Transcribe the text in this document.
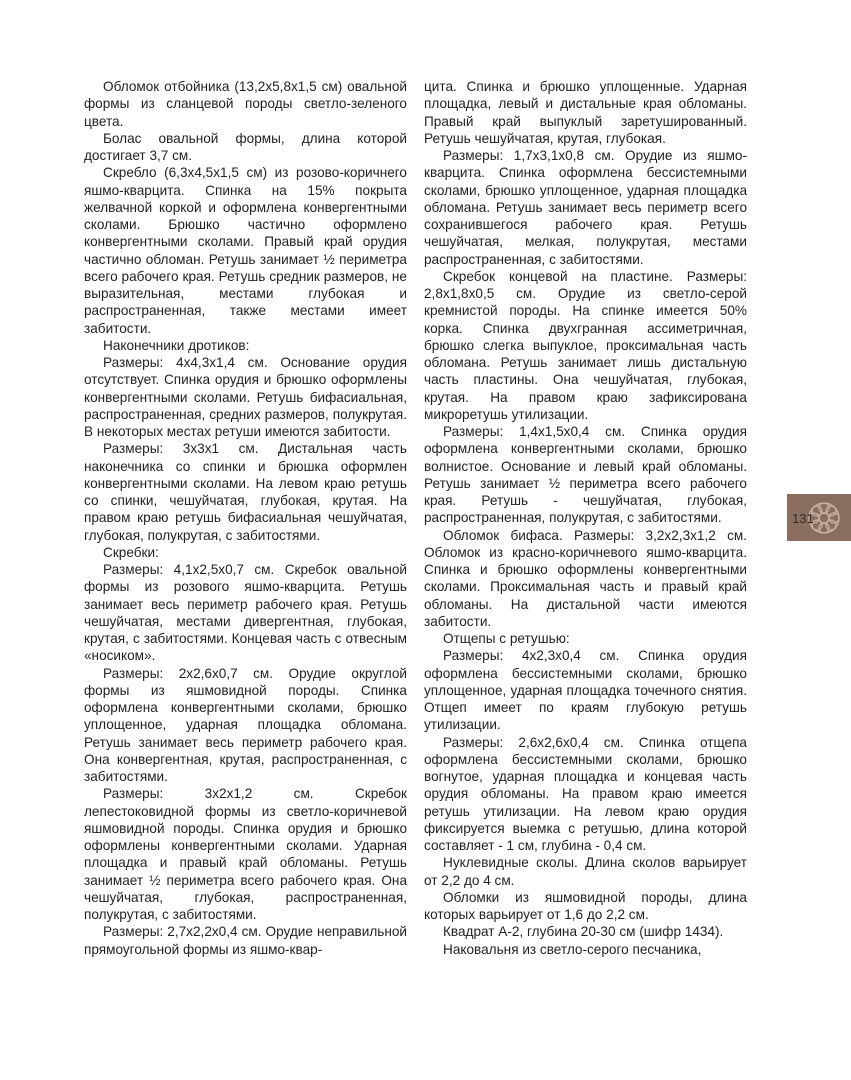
Обломок отбойника (13,2х5,8х1,5 см) овальной формы из сланцевой породы светло-зеленого цвета.

Болас овальной формы, длина которой достигает 3,7 см.

Скребло (6,3х4,5х1,5 см) из розово-коричнего яшмо-кварцита. Спинка на 15% покрыта желвачной коркой и оформлена конвергентными сколами. Брюшко частично оформлено конвергентными сколами. Правый край орудия частично обломан. Ретушь занимает ½ периметра всего рабочего края. Ретушь средник размеров, не выразительная, местами глубокая и распространенная, также местами имеет забитости.

Наконечники дротиков:

Размеры: 4х4,3х1,4 см. Основание орудия отсутствует. Спинка орудия и брюшко оформлены конвергентными сколами. Ретушь бифасиальная, распространенная, средних размеров, полукрутая. В некоторых местах ретуши имеются забитости.

Размеры: 3х3х1 см. Дистальная часть наконечника со спинки и брюшка оформлен конвергентными сколами. На левом краю ретушь со спинки, чешуйчатая, глубокая, крутая. На правом краю ретушь бифасиальная чешуйчатая, глубокая, полукрутая, с забитостями.

Скребки:

Размеры: 4,1х2,5х0,7 см. Скребок овальной формы из розового яшмо-кварцита. Ретушь занимает весь периметр рабочего края. Ретушь чешуйчатая, местами дивергентная, глубокая, крутая, с забитостями. Концевая часть с отвесным «носиком».

Размеры: 2х2,6х0,7 см. Орудие округлой формы из яшмовидной породы. Спинка оформлена конвергентными сколами, брюшко уплощенное, ударная площадка обломана. Ретушь занимает весь периметр рабочего края. Она конвергентная, крутая, распространенная, с забитостями.

Размеры: 3х2х1,2 см. Скребок лепестоковидной формы из светло-коричневой яшмовидной породы. Спинка орудия и брюшко оформлены конвергентными сколами. Ударная площадка и правый край обломаны. Ретушь занимает ½ периметра всего рабочего края. Она чешуйчатая, глубокая, распространенная, полукрутая, с забитостями.

Размеры: 2,7х2,2х0,4 см. Орудие неправильной прямоугольной формы из яшмо-квар-

цита. Спинка и брюшко уплощенные. Ударная площадка, левый и дистальные края обломаны. Правый край выпуклый заретушированный. Ретушь чешуйчатая, крутая, глубокая.

Размеры: 1,7х3,1х0,8 см. Орудие из яшмо-кварцита. Спинка оформлена бессистемными сколами, брюшко уплощенное, ударная площадка обломана. Ретушь занимает весь периметр всего сохранившегося рабочего края. Ретушь чешуйчатая, мелкая, полукрутая, местами распространенная, с забитостями.

Скребок концевой на пластине. Размеры: 2,8х1,8х0,5 см. Орудие из светло-серой кремнистой породы. На спинке имеется 50% корка. Спинка двухгранная ассиметричная, брюшко слегка выпуклое, проксимальная часть обломана. Ретушь занимает лишь дистальную часть пластины. Она чешуйчатая, глубокая, крутая. На правом краю зафиксирована микроретушь утилизации.

Размеры: 1,4х1,5х0,4 см. Спинка орудия оформлена конвергентными сколами, брюшко волнистое. Основание и левый край обломаны. Ретушь занимает ½ периметра всего рабочего края. Ретушь - чешуйчатая, глубокая, распространенная, полукрутая, с забитостями.

Обломок бифаса. Размеры: 3,2х2,3х1,2 см. Обломок из красно-коричневого яшмо-кварцита. Спинка и брюшко оформлены конвергентными сколами. Проксимальная часть и правый край обломаны. На дистальной части имеются забитости.

Отщепы с ретушью:

Размеры: 4х2,3х0,4 см. Спинка орудия оформлена бессистемными сколами, брюшко уплощенное, ударная площадка точечного снятия. Отщеп имеет по краям глубокую ретушь утилизации.

Размеры: 2,6х2,6х0,4 см. Спинка отщепа оформлена бессистемными сколами, брюшко вогнутое, ударная площадка и концевая часть орудия обломаны. На правом краю имеется ретушь утилизации. На левом краю орудия фиксируется выемка с ретушью, длина которой составляет - 1 см, глубина - 0,4 см.

Нуклевидные сколы. Длина сколов варьирует от 2,2 до 4 см.

Обломки из яшмовидной породы, длина которых варьирует от 1,6 до 2,2 см.

Квадрат А-2, глубина 20-30 см (шифр 1434).

Наковальня из светло-серого песчаника,

131
